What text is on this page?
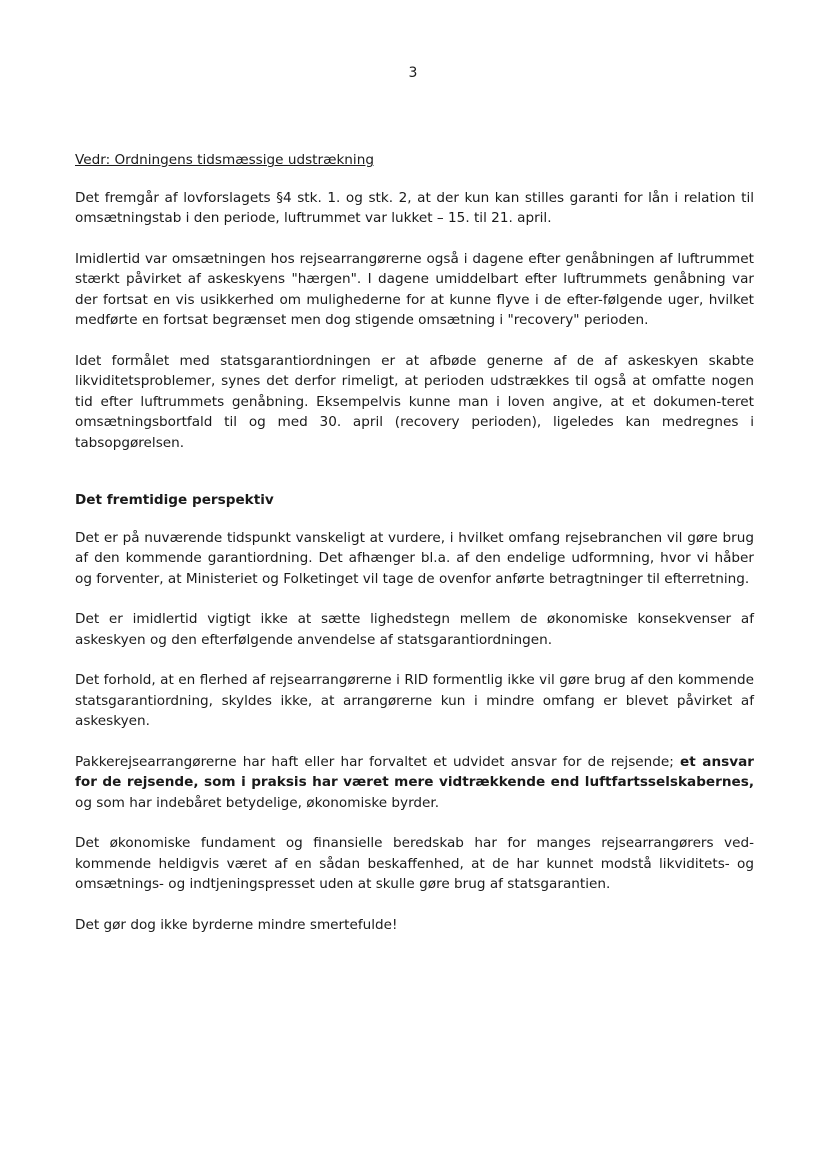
3
Vedr: Ordningens tidsmæssige udstrækning

Det fremgår af lovforslagets §4 stk. 1. og stk. 2, at der kun kan stilles garanti for lån i relation til omsætningstab i den periode, luftrummet var lukket – 15. til 21. april.

Imidlertid var omsætningen hos rejsearrangørerne også i dagene efter genåbningen af luftrummet stærkt påvirket af askeskyens "hærgen". I dagene umiddelbart efter luftrummets genåbning var der fortsat en vis usikkerhed om mulighederne for at kunne flyve i de efter-følgende uger, hvilket medførte en fortsat begrænset men dog stigende omsætning i "recovery" perioden.

Idet formålet med statsgarantiordningen er at afbøde generne af de af askeskyen skabte likviditetsproblemer, synes det derfor rimeligt, at perioden udstrækkes til også at omfatte nogen tid efter luftrummets genåbning. Eksempelvis kunne man i loven angive, at et dokumen-teret omsætningsbortfald til og med 30. april (recovery perioden), ligeledes kan medregnes i tabsopgørelsen.

Det fremtidige perspektiv

Det er på nuværende tidspunkt vanskeligt at vurdere, i hvilket omfang rejsebranchen vil gøre brug af den kommende garantiordning. Det afhænger bl.a. af den endelige udformning, hvor vi håber og forventer, at Ministeriet og Folketinget vil tage de ovenfor anførte betragtninger til efterretning.

Det er imidlertid vigtigt ikke at sætte lighedstegn mellem de økonomiske konsekvenser af askeskyen og den efterfølgende anvendelse af statsgarantiordningen.

Det forhold, at en flerhed af rejsearrangørerne i RID formentlig ikke vil gøre brug af den kommende statsgarantiordning, skyldes ikke, at arrangørerne kun i mindre omfang er blevet påvirket af askeskyen.

Pakkerejsearrangørerne har haft eller har forvaltet et udvidet ansvar for de rejsende; et ansvar for de rejsende, som i praksis har været mere vidtrækkende end luftfartsselskabernes, og som har indebåret betydelige, økonomiske byrder.

Det økonomiske fundament og finansielle beredskab har for manges rejsearrangørers ved-kommende heldigvis været af en sådan beskaffenhed, at de har kunnet modstå likviditets- og omsætnings- og indtjeningspresset uden at skulle gøre brug af statsgarantien.

Det gør dog ikke byrderne mindre smertefulde!
